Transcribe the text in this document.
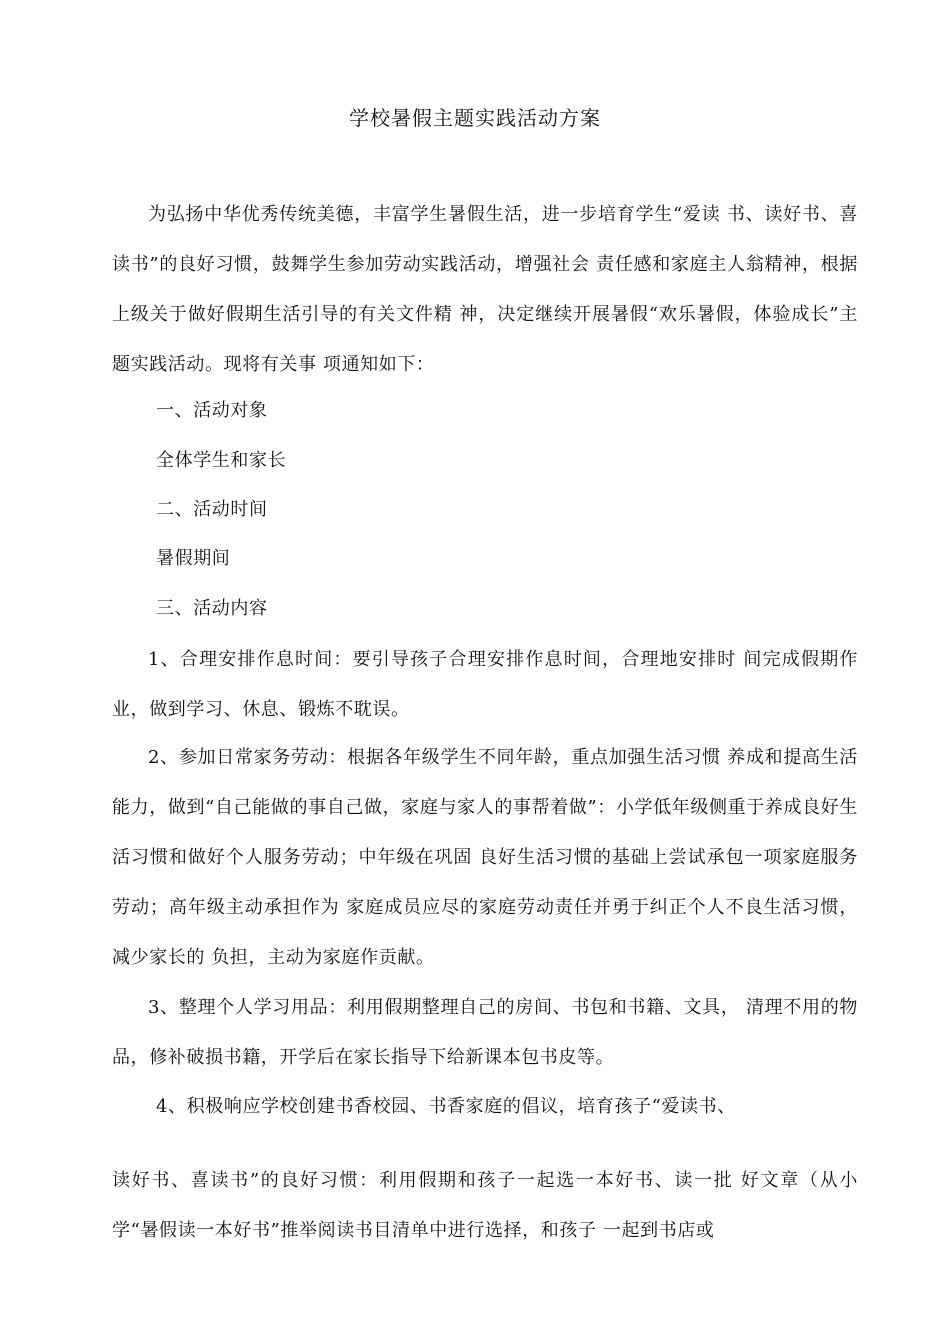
学校暑假主题实践活动方案

为弘扬中华优秀传统美德，丰富学生暑假生活，进一步培育学生“爱读 书、读好书、喜读书”的良好习惯，鼓舞学生参加劳动实践活动，增强社会 责任感和家庭主人翁精神，根据上级关于做好假期生活引导的有关文件精 神，决定继续开展暑假“欢乐暑假，体验成长”主题实践活动。现将有关事 项通知如下：

一、活动对象

全体学生和家长

二、活动时间

暑假期间

三、活动内容

1、合理安排作息时间：要引导孩子合理安排作息时间，合理地安排时 间完成假期作业，做到学习、休息、锻炼不耽误。

2、参加日常家务劳动：根据各年级学生不同年龄，重点加强生活习惯 养成和提高生活能力，做到“自己能做的事自己做，家庭与家人的事帮着做”：小学低年级侧重于养成良好生活习惯和做好个人服务劳动；中年级在巩固 良好生活习惯的基础上尝试承包一项家庭服务劳动；高年级主动承担作为 家庭成员应尽的家庭劳动责任并勇于纠正个人不良生活习惯，减少家长的 负担，主动为家庭作贡献。

3、整理个人学习用品：利用假期整理自己的房间、书包和书籍、文具， 清理不用的物品，修补破损书籍，开学后在家长指导下给新课本包书皮等。

4、积极响应学校创建书香校园、书香家庭的倡议，培育孩子“爱读书、

读好书、喜读书”的良好习惯：利用假期和孩子一起选一本好书、读一批 好文章（从小学“暑假读一本好书”推举阅读书目清单中进行选择，和孩子 一起到书店或
